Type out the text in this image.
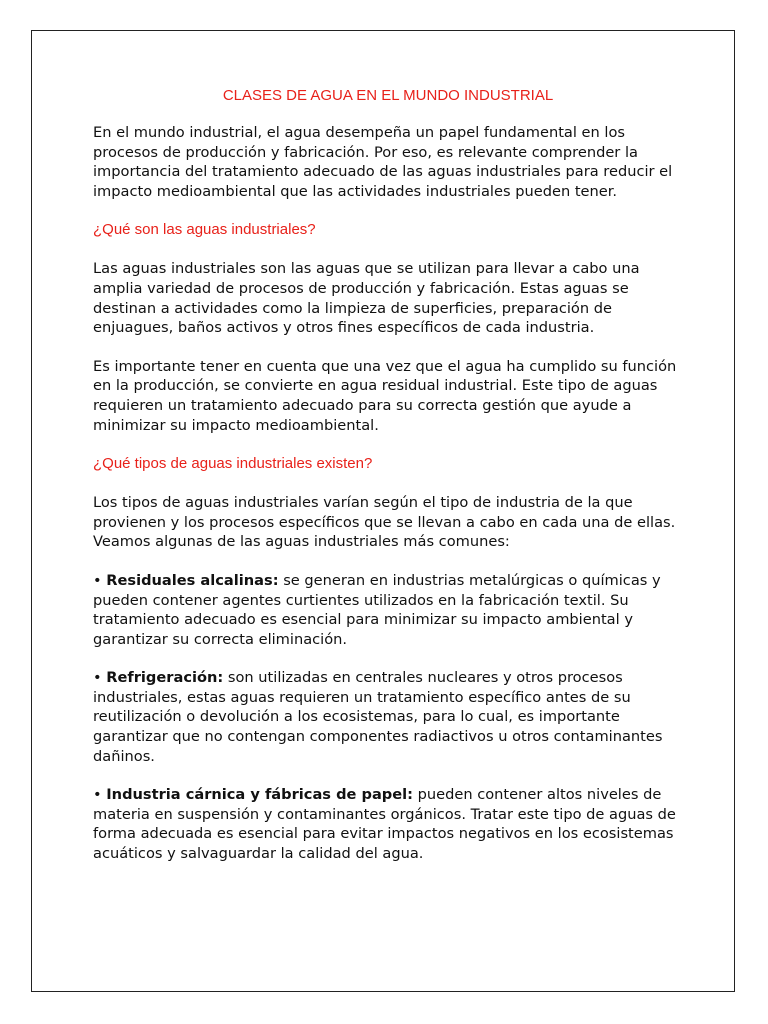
CLASES DE AGUA EN EL MUNDO INDUSTRIAL

En el mundo industrial, el agua desempeña un papel fundamental en los procesos de producción y fabricación. Por eso, es relevante comprender la importancia del tratamiento adecuado de las aguas industriales para reducir el impacto medioambiental que las actividades industriales pueden tener.

¿Qué son las aguas industriales?

Las aguas industriales son las aguas que se utilizan para llevar a cabo una amplia variedad de procesos de producción y fabricación. Estas aguas se destinan a actividades como la limpieza de superficies, preparación de enjuagues, baños activos y otros fines específicos de cada industria.

Es importante tener en cuenta que una vez que el agua ha cumplido su función en la producción, se convierte en agua residual industrial. Este tipo de aguas requieren un tratamiento adecuado para su correcta gestión que ayude a minimizar su impacto medioambiental.

¿Qué tipos de aguas industriales existen?

Los tipos de aguas industriales varían según el tipo de industria de la que provienen y los procesos específicos que se llevan a cabo en cada una de ellas. Veamos algunas de las aguas industriales más comunes:

• Residuales alcalinas: se generan en industrias metalúrgicas o químicas y pueden contener agentes curtientes utilizados en la fabricación textil. Su tratamiento adecuado es esencial para minimizar su impacto ambiental y garantizar su correcta eliminación.

• Refrigeración: son utilizadas en centrales nucleares y otros procesos industriales, estas aguas requieren un tratamiento específico antes de su reutilización o devolución a los ecosistemas, para lo cual, es importante garantizar que no contengan componentes radiactivos u otros contaminantes dañinos.

• Industria cárnica y fábricas de papel: pueden contener altos niveles de materia en suspensión y contaminantes orgánicos. Tratar este tipo de aguas de forma adecuada es esencial para evitar impactos negativos en los ecosistemas acuáticos y salvaguardar la calidad del agua.
